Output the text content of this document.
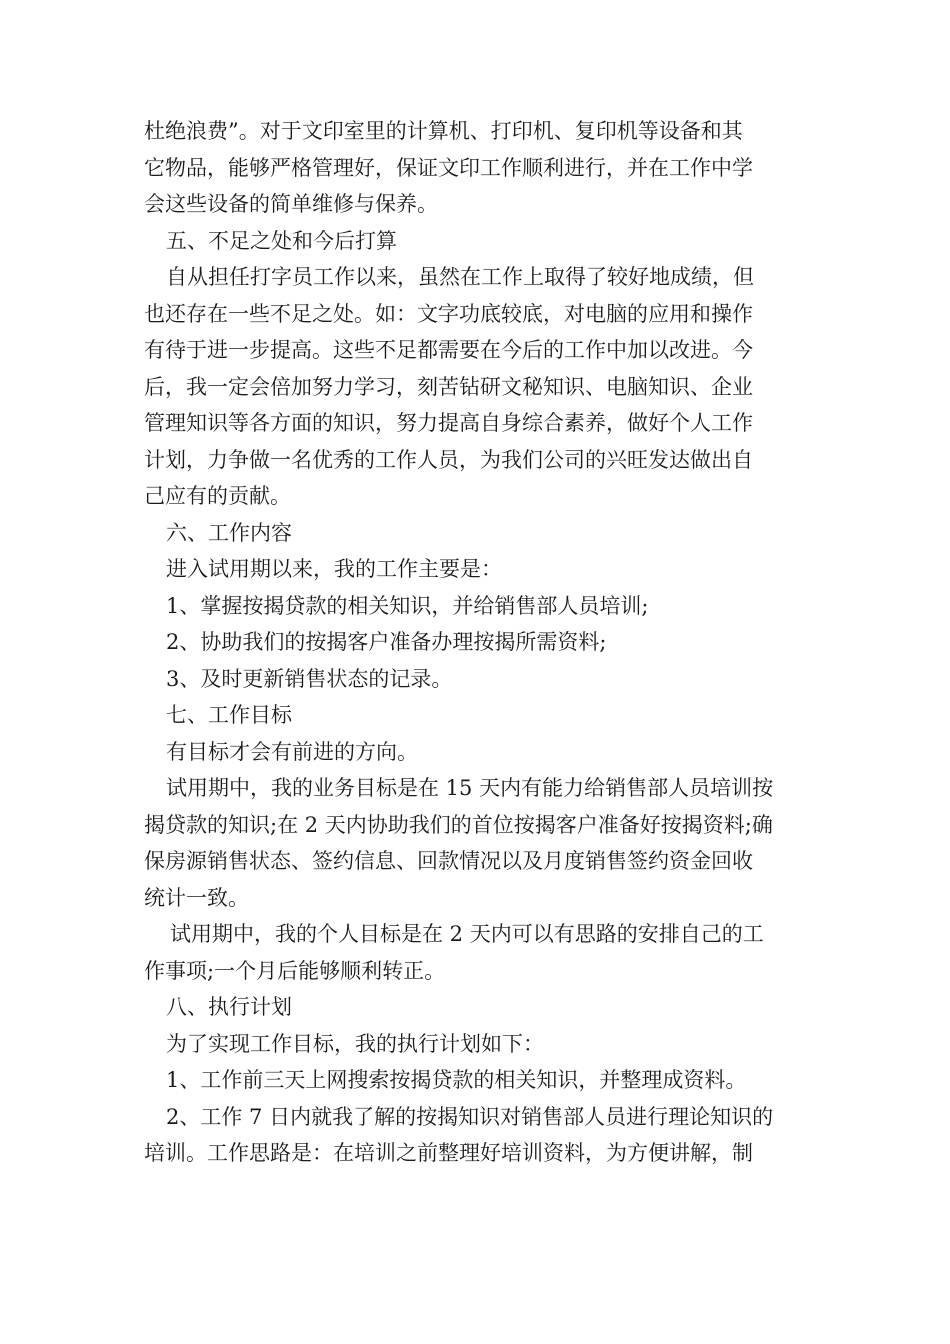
杜绝浪费”。对于文印室里的计算机、打印机、复印机等设备和其

它物品，能够严格管理好，保证文印工作顺利进行，并在工作中学

会这些设备的简单维修与保养。

五、不足之处和今后打算

自从担任打字员工作以来，虽然在工作上取得了较好地成绩，但

也还存在一些不足之处。如：文字功底较底，对电脑的应用和操作

有待于进一步提高。这些不足都需要在今后的工作中加以改进。今

后，我一定会倍加努力学习，刻苦钻研文秘知识、电脑知识、企业

管理知识等各方面的知识，努力提高自身综合素养，做好个人工作

计划，力争做一名优秀的工作人员，为我们公司的兴旺发达做出自

己应有的贡献。

六、工作内容

进入试用期以来，我的工作主要是：

1、掌握按揭贷款的相关知识，并给销售部人员培训;

2、协助我们的按揭客户准备办理按揭所需资料;

3、及时更新销售状态的记录。

七、工作目标

有目标才会有前进的方向。

试用期中，我的业务目标是在 15 天内有能力给销售部人员培训按

揭贷款的知识;在 2 天内协助我们的首位按揭客户准备好按揭资料;确

保房源销售状态、签约信息、回款情况以及月度销售签约资金回收

统计一致。

试用期中，我的个人目标是在 2 天内可以有思路的安排自己的工

作事项;一个月后能够顺利转正。

八、执行计划

为了实现工作目标，我的执行计划如下：

1、工作前三天上网搜索按揭贷款的相关知识，并整理成资料。

2、工作 7 日内就我了解的按揭知识对销售部人员进行理论知识的

培训。工作思路是：在培训之前整理好培训资料，为方便讲解，制
